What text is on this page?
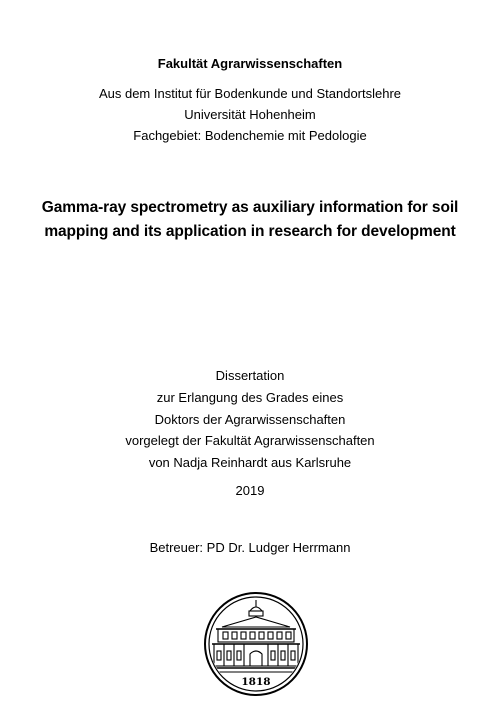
Fakultät Agrarwissenschaften
Aus dem Institut für Bodenkunde und Standortslehre
Universität Hohenheim
Fachgebiet: Bodenchemie mit Pedologie
Gamma-ray spectrometry as auxiliary information for soil
mapping and its application in research for development
Dissertation
zur Erlangung des Grades eines
Doktors der Agrarwissenschaften
vorgelegt der Fakultät Agrarwissenschaften
von Nadja Reinhardt aus Karlsruhe
2019
Betreuer: PD Dr. Ludger Herrmann
1818
